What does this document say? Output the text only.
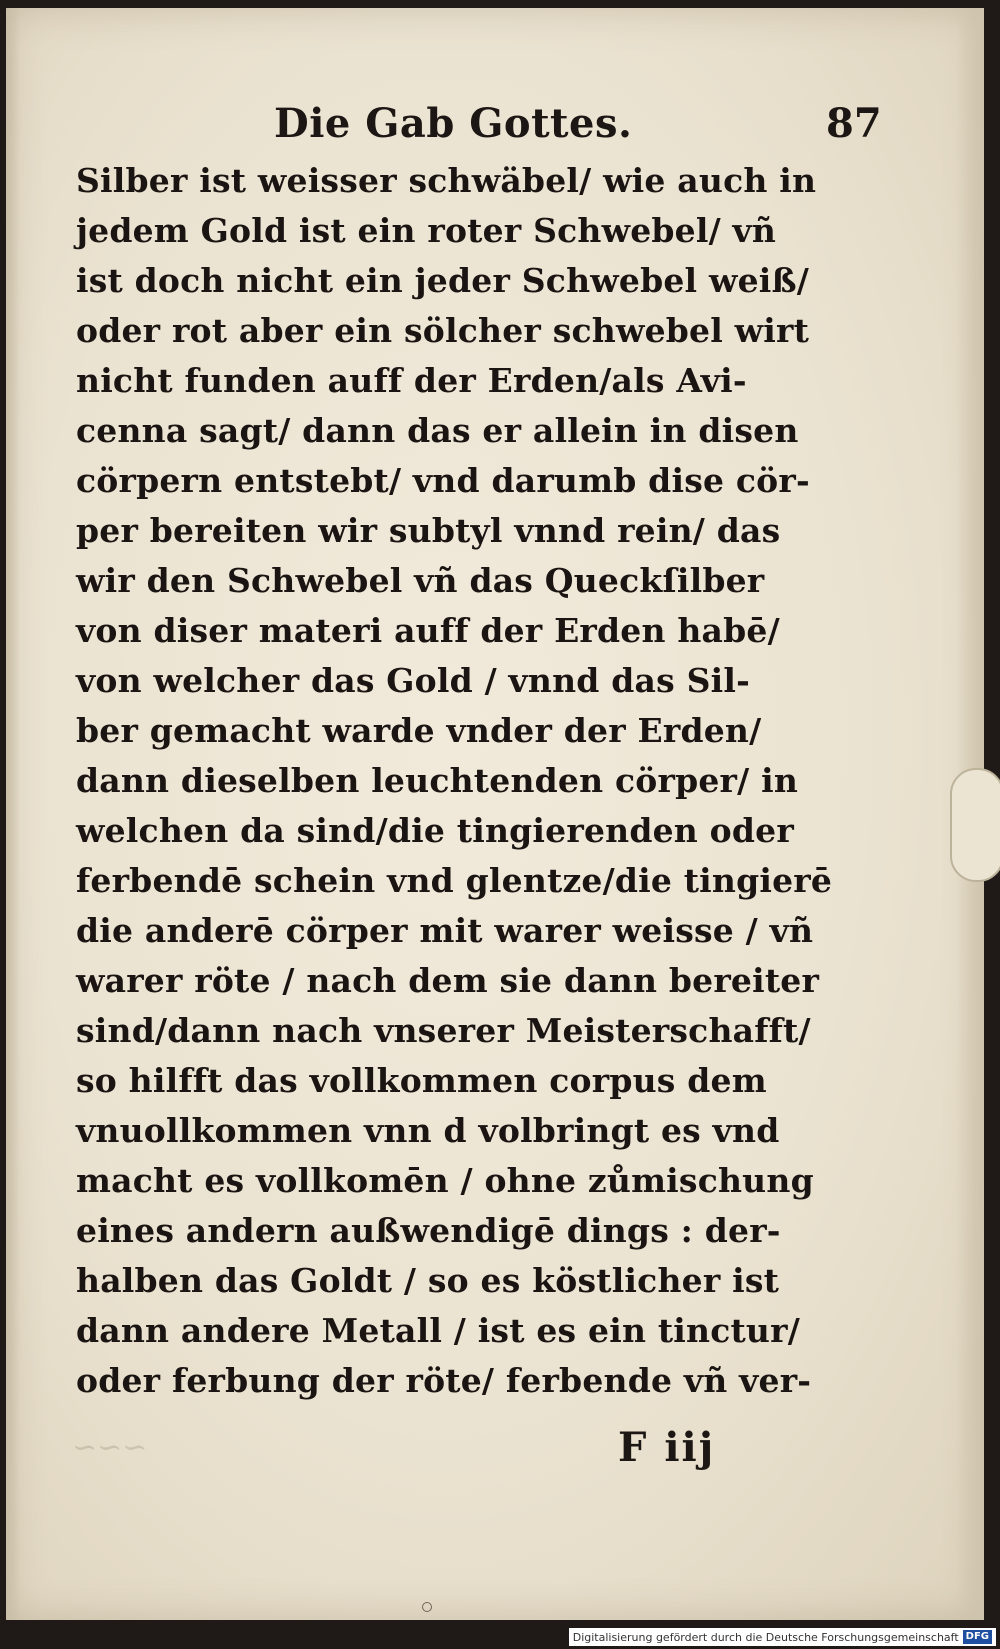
Die Gab Gottes.	87
Silber ist weisser schwäbel/ wie auch in
jedem Gold ist ein roter Schwebel/ vñ
ist doch nicht ein jeder Schwebel weiß/
oder rot aber ein sölcher schwebel wirt
nicht funden auff der Erden/als Avi-
cenna sagt/ dann das er allein in disen
cörpern entstebt/ vnd darumb dise cör-
per bereiten wir subtyl vnnd rein/ das
wir den Schwebel vñ das Queckſilber
von diser materi auff der Erden habē/
von welcher das Gold / vnnd das Sil-
ber gemacht warde vnder der Erden/
dann dieselben leuchtenden cörper/ in
welchen da sind/die tingierenden oder
ferbendē schein vnd glentze/die tingierē
die anderē cörper mit warer weisse / vñ
warer röte / nach dem sie dann bereiter
sind/dann nach vnserer Meisterschafft/
so hilfft das vollkommen corpus dem
vnuollkommen vnn d volbringt es vnd
macht es vollkomēn / ohne zůmischung
eines andern außwendigē dings : der-
halben das Goldt / so es köstlicher ist
dann andere Metall / ist es ein tinctur/
oder ferbung der röte/ ferbende vñ ver-
F iij
~~~
Digitalisierung gefördert durch die Deutsche Forschungsgemeinschaft DFG
